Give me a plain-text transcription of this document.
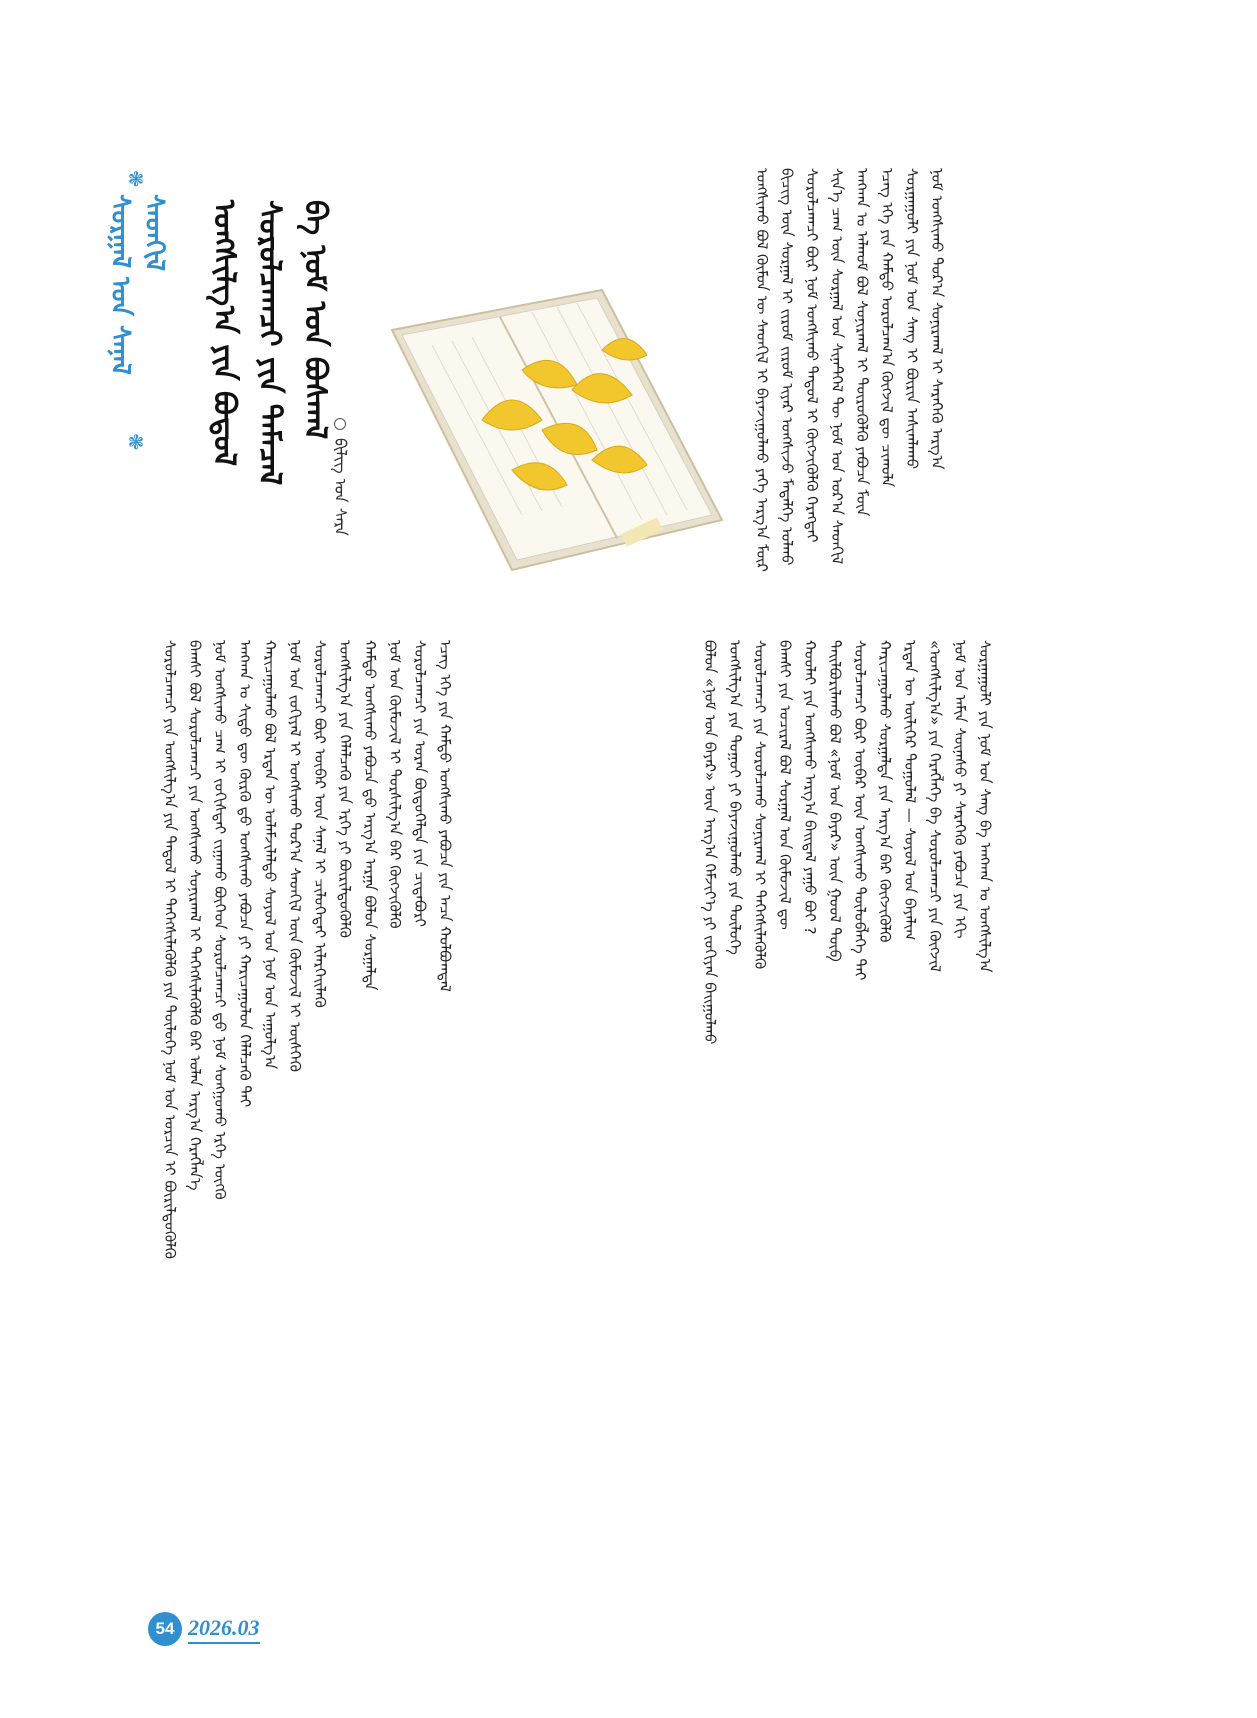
❃
ᠰᠤᠷᠭᠠᠯ ᠤᠨ ᠰᠠᠨᠠᠯ ᠰᠡᠳᠬᠢᠯ
❃ ᠤᠩᠱᠢᠯᠭ᠎ᠠ ᠶᠢᠨ ᠪᠣᠳᠣᠯ ᠰᠤᠷᠤᠯᠴᠠᠭᠴᠢ ᠶᠢᠨ ᠲᠡᠮᠡᠴᠡᠯ ᠪᠠ ᠨᠣᠮ ᠤᠨ ᠪᠣᠰᠬᠠᠯ
ᠪᠢᠯᠢᠭ ᠤᠨ ᠰᠠᠷᠠ	ᠤᠩᠱᠢᠬᠤ ᠪᠣᠯ ᠬᠦᠮᠦᠨ ᠦ ᠰᠡᠳᠬᠢᠯ ᠢ ᠪᠠᠶᠠᠵᠢᠭᠤᠯᠬᠤ ᠶᠡᠬᠡ ᠠᠷᠭ᠎ᠠ ᠮᠦᠷ ᠪᠢᠴᠢᠭ ᠦᠨ ᠰᠤᠷᠭᠠᠯ ᠢ ᠵᠢᠷᠦᠮ ᠵᠢᠷᠦᠮ ᠢᠶᠡᠷ ᠤᠩᠱᠢᠵᠤ ᠮᠡᠳᠡᠯᠭᠡ ᠣᠯᠬᠤ ᠰᠤᠷᠤᠯᠴᠠᠭᠴᠢ ᠪᠦᠷ ᠨᠣᠮ ᠤᠩᠱᠢᠬᠤ ᠳᠠᠳᠣᠯ ᠢ ᠬᠥᠭᠵᠢᠭᠦᠯᠬᠦ ᠬᠡᠷᠡᠭᠲᠡᠢ ᠰᠢᠨ᠎ᠡ ᠴᠠᠭ ᠦᠨ ᠰᠤᠷᠭᠠᠯ ᠤᠨ ᠰᠢᠨᠡᠲᠭᠡᠯ ᠲᠦ ᠨᠣᠮ ᠤᠨ ᠤᠷ᠎ᠠ ᠰᠡᠳᠭᠢᠯ ᠠᠩᠬᠠᠨ ᠤ ᠠᠯᠬᠤᠮ ᠪᠣᠯ ᠰᠣᠨᠢᠷᠬᠠᠯ ᠢ ᠲᠥᠷᠦᠭᠦᠯᠬᠦ ᠶᠠᠪᠤᠴᠠ ᠮᠥᠨ ᠡᠴᠡᠭ ᠡᠬᠡ ᠶᠢᠨ ᠬᠠᠮᠲᠤ ᠣᠷᠣᠯᠴᠠᠭ᠎ᠠ ᠬᠥᠭᠵᠢᠯ ᠳᠦ ᠴᠢᠬᠤᠯᠠ ᠰᠤᠷᠭᠠᠭᠤᠯᠢ ᠶᠢᠨ ᠨᠣᠮ ᠤᠨ ᠰᠠᠩ ᠢ ᠪᠦᠷᠢᠨ ᠠᠰᠢᠭᠯᠠᠬᠤ ᠨᠣᠮ ᠤᠩᠱᠢᠬᠤ ᠳᠤᠷ᠎ᠠ ᠰᠣᠨᠢᠷᠬᠠᠯ ᠢ ᠰᠡᠷᠡᠭᠡᠬᠦ ᠠᠷᠭ᠎ᠠ
ᠰᠤᠷᠤᠯᠴᠠᠭᠴᠢ ᠶᠢᠨ ᠤᠩᠱᠢᠯᠭ᠎ᠠ ᠶᠢᠨ ᠳᠠᠳᠣᠯ ᠢ ᠳᠡᠭᠡᠭᠰᠢᠯᠡᠭᠦᠯᠬᠦ ᠶᠢᠨ ᠲᠥᠯᠦᠭᠡ ᠨᠣᠮ ᠤᠨ ᠣᠷᠴᠢᠨ ᠢ ᠪᠦᠷᠢᠯᠳᠦᠭᠦᠯᠬᠦ ᠪᠠᠭᠰᠢ ᠪᠣᠯ ᠰᠤᠷᠤᠯᠴᠠᠭᠴᠢ ᠶᠢᠨ ᠤᠩᠱᠢᠬᠤ ᠰᠣᠨᠢᠷᠬᠠᠯ ᠢ ᠳᠡᠭᠡᠭᠰᠢᠯᠡᠭᠦᠯᠬᠦ ᠪᠡᠷ ᠣᠯᠠᠨ ᠠᠷᠭ᠎ᠠ ᠬᠡᠷᠡᠭᠯᠡᠨ᠎ᠡ ᠨᠣᠮ ᠤᠩᠱᠢᠬᠤ ᠴᠠᠭ ᠢ ᠵᠣᠬᠢᠰᠲᠠᠢ ᠵᠢᠭᠠᠬᠤ ᠪᠥᠭᠡᠳ ᠰᠤᠷᠤᠯᠴᠠᠭᠴᠢ ᠳ᠋ᠤ ᠨᠣᠮ ᠰᠣᠩᠭᠣᠬᠤ ᠡᠷᠬᠡ ᠥᠭᠬᠦ ᠠᠩᠬᠠᠨ ᠤ ᠰᠢᠲᠦ ᠳᠦ ᠬᠦᠷᠬᠦ ᠳ᠋ᠤ ᠤᠩᠱᠢᠬᠤ ᠶᠠᠪᠤᠴᠠ ᠶᠢ ᠬᠠᠷᠢᠴᠠᠭᠤᠯᠤᠨ ᠬᠡᠯᠡᠯᠴᠡᠬᠦ ᠲᠠᠢ ᠬᠠᠷᠢᠴᠠᠭᠤᠯᠬᠤ ᠪᠣᠯ ᠡᠷᠲᠡᠨ ᠦ ᠤᠯᠠᠮᠵᠢᠯᠠᠯᠲᠤ ᠰᠣᠶᠣᠯ ᠤᠨ ᠨᠣᠮ ᠤᠨ ᠠᠭᠤᠯᠭ᠎ᠠ ᠨᠣᠮ ᠤᠨ ᠵᠣᠬᠢᠶᠠᠯ ᠢ ᠤᠩᠱᠢᠬᠤ ᠳᠤᠷ᠎ᠠ ᠰᠡᠳᠬᠢᠯ ᠦᠨ ᠬᠦᠮᠦᠵᠢᠯ ᠢ ᠥᠰᠬᠡᠬᠦ ᠰᠤᠷᠤᠯᠴᠠᠭᠴᠢ ᠪᠦᠷ ᠥᠪᠡᠷ ᠦᠨ ᠰᠠᠨᠠᠯ ᠢ ᠴᠢᠯᠦᠭᠡᠲᠡᠢ ᠢᠯᠡᠷᠬᠡᠢᠯᠡᠬᠦ ᠤᠩᠱᠢᠯᠭ᠎ᠠ ᠶᠢᠨ ᠬᠡᠯᠡᠯᠴᠡᠬᠦ ᠶᠢᠨ ᠡᠷᠬᠡ ᠶᠢ ᠪᠦᠷᠢᠯᠳᠦᠭᠦᠯᠬᠦ ᠬᠠᠮᠲᠤ ᠤᠩᠱᠢᠬᠤ ᠶᠠᠪᠤᠴᠠ ᠳ᠋ᠤ ᠠᠷᠭ᠎ᠠ ᠠᠷᠭᠠ ᠪᠣᠯᠤᠨ ᠰᠤᠷᠭᠠᠯᠲᠠ ᠨᠣᠮ ᠤᠨ ᠬᠦᠮᠦᠵᠢᠯ ᠢ ᠲᠤᠷᠰᠢᠯᠭ᠎ᠠ ᠪᠡᠷ ᠬᠥᠭᠵᠢᠭᠦᠯᠬᠦ ᠰᠤᠷᠤᠯᠴᠠᠭᠴᠢ ᠶᠢᠨ ᠤᠷᠠᠨ ᠪᠦᠲᠦᠭᠡᠯᠲᠡ ᠶᠢᠨ ᠴᠢᠳᠠᠪᠤᠷᠢ ᠡᠴᠡᠭ ᠡᠬᠡ ᠶᠢᠨ ᠬᠠᠮᠲᠤ ᠤᠩᠱᠢᠬᠤ ᠶᠠᠪᠤᠴᠠ ᠶᠢᠨ ᠠᠴᠠ ᠬᠣᠯᠪᠣᠭᠳᠠᠯ	ᠪᠣᠯᠤᠨ «ᠨᠣᠮ ᠤᠨ ᠪᠠᠶᠠᠷ» ᠦᠨ ᠠᠷᠭ᠎ᠠ ᠬᠡᠮᠵᠢᠶ᠎ᠡ ᠶᠢ ᠵᠣᠬᠢᠶᠠᠨ ᠪᠠᠢᠭᠤᠯᠬᠤ ᠤᠩᠱᠢᠯᠭ᠎ᠠ ᠶᠢᠨ ᠳᠤᠭᠤᠢ ᠶᠢ ᠪᠠᠶᠠᠵᠢᠭᠤᠯᠬᠤ ᠶᠢᠨ ᠲᠥᠯᠦᠭᠡ ᠰᠤᠷᠤᠯᠴᠠᠭᠴᠢ ᠶᠢᠨ ᠰᠤᠷᠤᠯᠴᠠᠬᠤ ᠰᠣᠨᠢᠷᠬᠠᠯ ᠢ ᠳᠡᠭᠡᠭᠰᠢᠯᠡᠭᠦᠯᠬᠦ ᠪᠠᠭᠰᠢ ᠶᠢᠨ ᠤᠴᠢᠷᠠᠯ ᠪᠣᠯ ᠰᠤᠷᠭᠠᠯ ᠤᠨ ᠬᠦᠮᠦᠵᠢᠯ ᠳᠦ ᠬᠤᠤᠯᠠᠢ ᠶᠢᠨ ᠤᠩᠱᠢᠬᠤ ᠠᠷᠭ᠎ᠠ ᠪᠠᠢᠳᠠᠯ ᠶᠠᠭᠤ ᠪᠤᠢ ? ᠲᠠᠢᠯᠪᠤᠷᠢᠯᠠᠬᠤ ᠪᠣᠯ «ᠨᠣᠮ ᠤᠨ ᠪᠠᠶᠠᠷ» ᠦᠨ ᠭᠤᠤᠯ ᠲᠥᠪ ᠰᠤᠷᠤᠯᠴᠠᠭᠴᠢ ᠪᠦᠷ ᠥᠪᠡᠷ ᠦᠨ ᠤᠩᠱᠢᠬᠤ ᠲᠥᠯᠥᠪᠯᠡᠭᠡ ᠲᠠᠢ ᠬᠠᠷᠢᠴᠠᠭᠤᠯᠬᠤ ᠰᠤᠷᠭᠠᠯᠲᠠ ᠶᠢᠨ ᠠᠷᠭ᠎ᠠ ᠪᠡᠷ ᠬᠥᠭᠵᠢᠭᠦᠯᠬᠦ ᠡᠷᠲᠡᠨ ᠦ ᠦᠯᠢᠭᠡᠷ ᠳᠤᠭᠤᠯᠠᠯ — ᠰᠣᠶᠣᠯ ᠤᠨ ᠪᠠᠶᠠᠯᠢᠭ «ᠤᠩᠱᠢᠯᠭ᠎ᠠ» ᠶᠢᠨ ᠬᠡᠷᠡᠭᠯᠡᠭᠡ ᠪᠠ ᠰᠤᠷᠤᠯᠴᠠᠭᠴᠢ ᠶᠢᠨ ᠬᠥᠭᠵᠢᠯ ᠨᠣᠮ ᠤᠨ ᠠᠮᠢᠨ ᠰᠦᠨᠡᠰᠦ ᠶᠢ ᠰᠡᠷᠡᠭᠡᠬᠦ ᠶᠠᠪᠤᠴᠠ ᠶᠢᠨ ᠡᠬᠢ ᠰᠤᠷᠭᠠᠭᠤᠯᠢ ᠶᠢᠨ ᠨᠣᠮ ᠤᠨ ᠰᠠᠩ ᠪᠠ ᠠᠩᠬᠠᠨ ᠤ ᠤᠩᠱᠢᠯᠭ᠎ᠠ
54 2026.03
